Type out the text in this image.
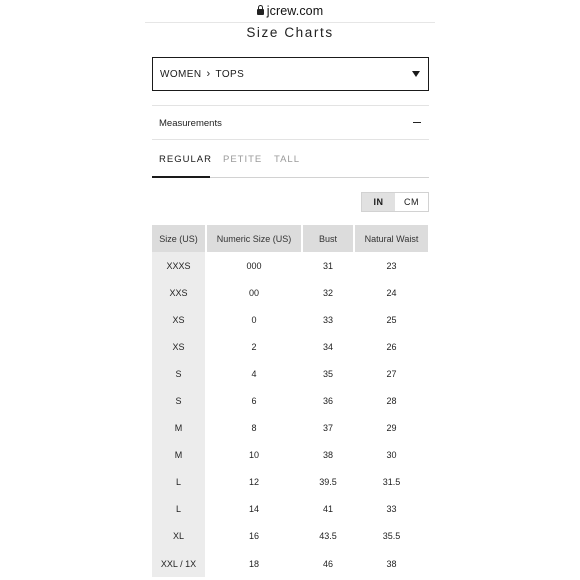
jcrew.com
Size Charts
WOMEN › TOPS
Measurements
REGULAR PETITE TALL
IN	CM
Size (US)	Numeric Size (US)	Bust	Natural Waist
XXXS	000	31	23
XXS	00	32	24
XS	0	33	25
XS	2	34	26
S	4	35	27
S	6	36	28
M	8	37	29
M	10	38	30
L	12	39.5	31.5
L	14	41	33
XL	16	43.5	35.5
XXL / 1X	18	46	38
